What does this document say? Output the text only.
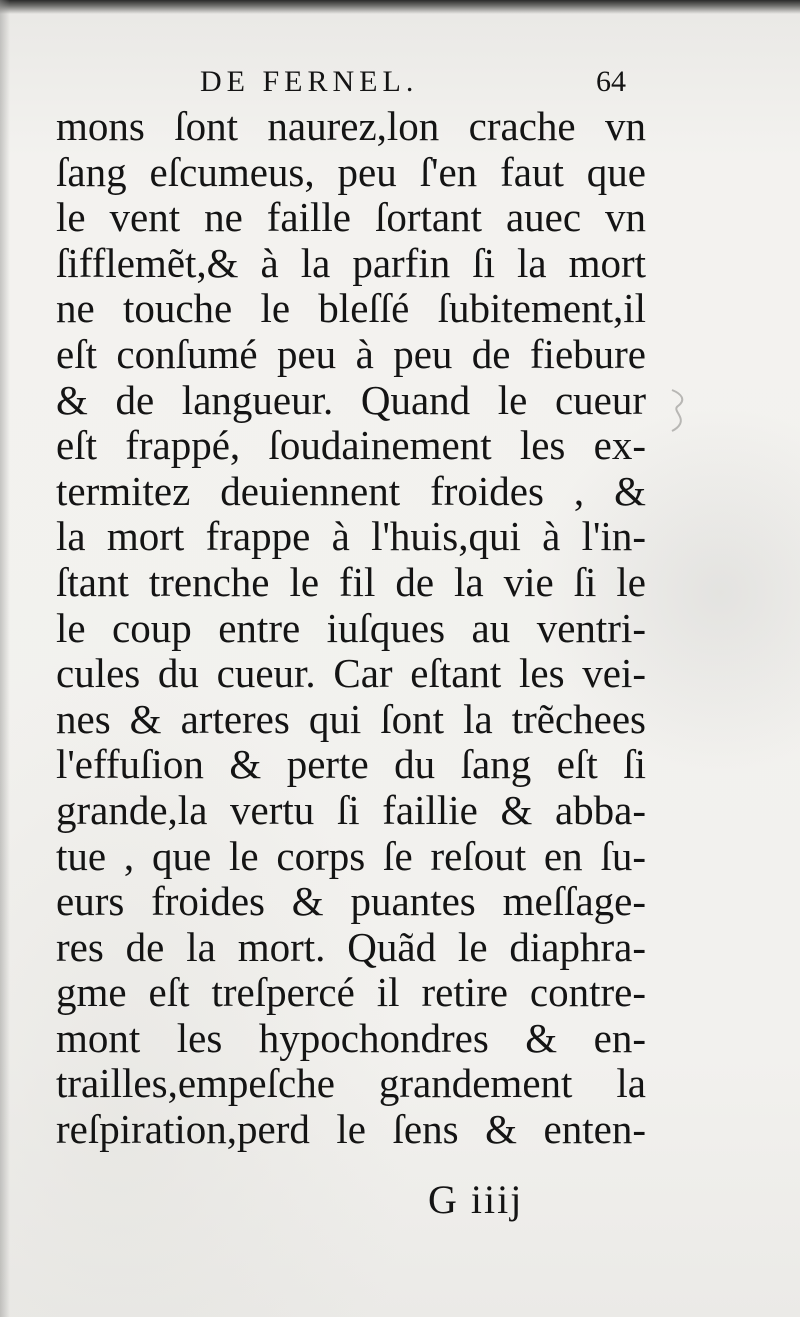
DE FERNEL.	64
mons ſont naurez,lon crache vn
ſang eſcumeus, peu ſ'en faut que
le vent ne faille ſortant auec vn
ſifflemẽt,& à la parfin ſi la mort
ne touche le bleſſé ſubitement,il
eſt conſumé peu à peu de fiebure
& de langueur. Quand le cueur
eſt frappé, ſoudainement les ex-
termitez deuiennent froides , &
la mort frappe à l'huis,qui à l'in-
ſtant trenche le fil de la vie ſi le
le coup entre iuſques au ventri-
cules du cueur. Car eſtant les vei-
nes & arteres qui ſont la trẽchees
l'effuſion & perte du ſang eſt ſi
grande,la vertu ſi faillie & abba-
tue , que le corps ſe reſout en ſu-
eurs froides & puantes meſſage-
res de la mort. Quãd le diaphra-
gme eſt treſpercé il retire contre-
mont les hypochondres & en-
trailles,empeſche grandement la
reſpiration,perd le ſens & enten-
G iiij
